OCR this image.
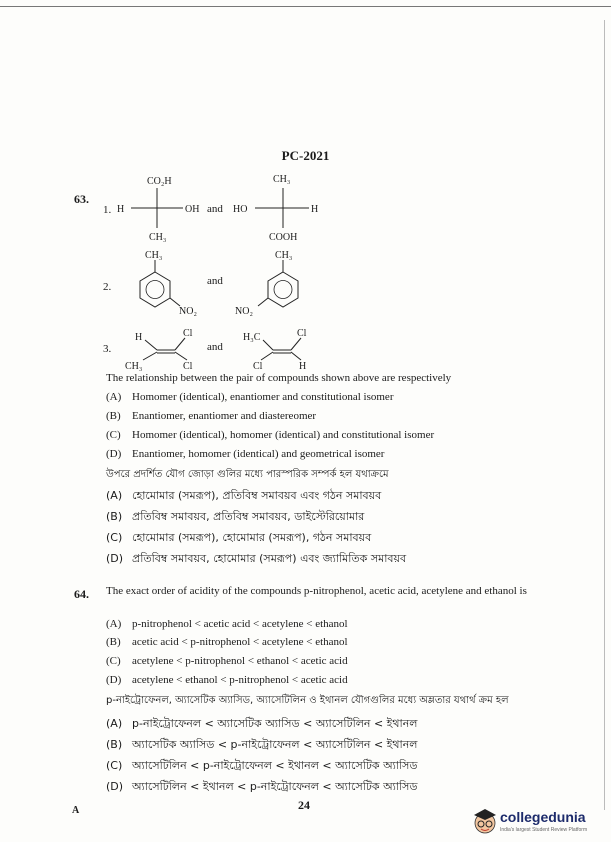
PC-2021
63.
1.
CO₂H
H	OH
CH₃
and
CH₃
HO	H
COOH
2.
CH₃
NO₂
and
CH₃
NO₂
3.
H	Cl
CH₃	Cl
and
H₃C	Cl
Cl	H
The relationship between the pair of compounds shown above are respectively
(A) Homomer (identical), enantiomer and constitutional isomer
(B) Enantiomer, enantiomer and diastereomer
(C) Homomer (identical), homomer (identical) and constitutional isomer
(D) Enantiomer, homomer (identical) and geometrical isomer
উপরে প্রদর্শিত যৌগ জোড়া গুলির মধ্যে পারস্পরিক সম্পর্ক হল যথাক্রমে
(A) হোমোমার (সমরূপ), প্রতিবিম্ব সমাবয়ব এবং গঠন সমাবয়ব
(B) প্রতিবিম্ব সমাবয়ব, প্রতিবিম্ব সমাবয়ব, ডাইস্টেরিয়োমার
(C) হোমোমার (সমরূপ), হোমোমার (সমরূপ), গঠন সমাবয়ব
(D) প্রতিবিম্ব সমাবয়ব, হোমোমার (সমরূপ) এবং জ্যামিতিক সমাবয়ব
64. The exact order of acidity of the compounds p-nitrophenol, acetic acid, acetylene and ethanol is
(A) p-nitrophenol < acetic acid < acetylene < ethanol
(B) acetic acid < p-nitrophenol < acetylene < ethanol
(C) acetylene < p-nitrophenol < ethanol < acetic acid
(D) acetylene < ethanol < p-nitrophenol < acetic acid
p-নাইট্রোফেনল, অ্যাসেটিক অ্যাসিড, অ্যাসেটিলিন ও ইথানল যৌগগুলির মধ্যে অম্লতার যথার্থ ক্রম হল
(A) p-নাইট্রোফেনল < অ্যাসেটিক অ্যাসিড < অ্যাসেটিলিন < ইথানল
(B) অ্যাসেটিক অ্যাসিড < p-নাইট্রোফেনল < অ্যাসেটিলিন < ইথানল
(C) অ্যাসেটিলিন < p-নাইট্রোফেনল < ইথানল < অ্যাসেটিক অ্যাসিড
(D) অ্যাসেটিলিন < ইথানল < p-নাইট্রোফেনল < অ্যাসেটিক অ্যাসিড
A	24
collegedunia
India's largest Student Review Platform
